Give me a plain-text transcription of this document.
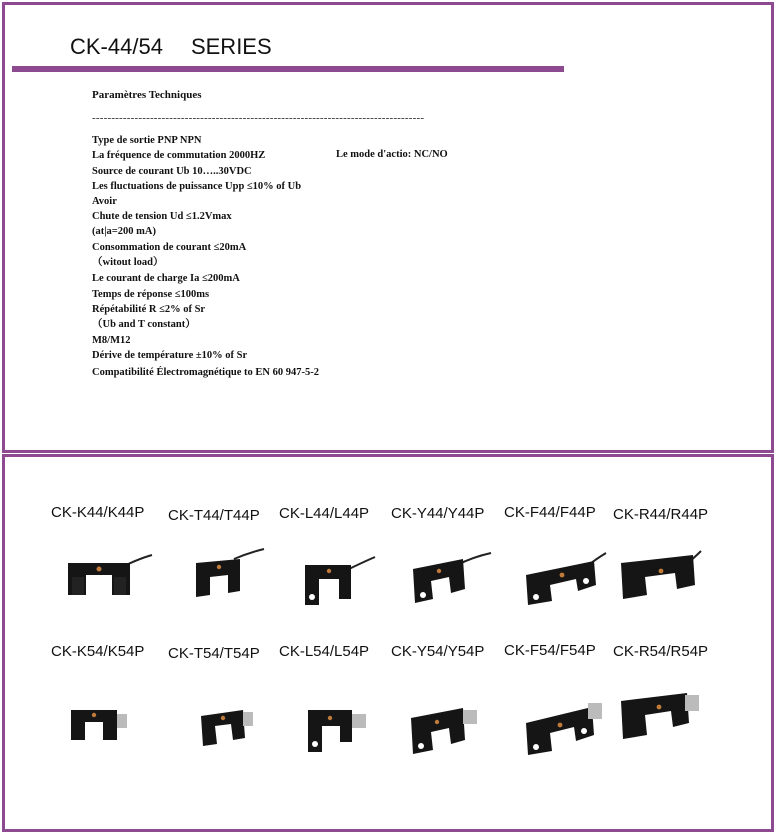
CK-44/54 SERIES
Paramètres Techniques
--------------------------------------------------------------------------------------
Type de sortie PNP NPN
La fréquence de commutation 2000HZ	Le mode d'actio: NC/NO
Source de courant Ub 10…..30VDC
Les fluctuations de puissance Upp ≤10% of Ub
Avoir
Chute de tension Ud ≤1.2Vmax
(at|a=200 mA)
Consommation de courant ≤20mA
（witout load）
Le courant de charge Ia ≤200mA
Temps de réponse ≤100ms
Répétabilité R ≤2% of Sr
（Ub and T constant）
M8/M12
Dérive de température ±10% of Sr
Compatibilité Électromagnétique to EN 60 947-5-2
CK-K44/K44P CK-T44/T44P CK-L44/L44P CK-Y44/Y44P CK-F44/F44P CK-R44/R44P
CK-K54/K54P CK-T54/T54P CK-L54/L54P CK-Y54/Y54P CK-F54/F54P CK-R54/R54P
